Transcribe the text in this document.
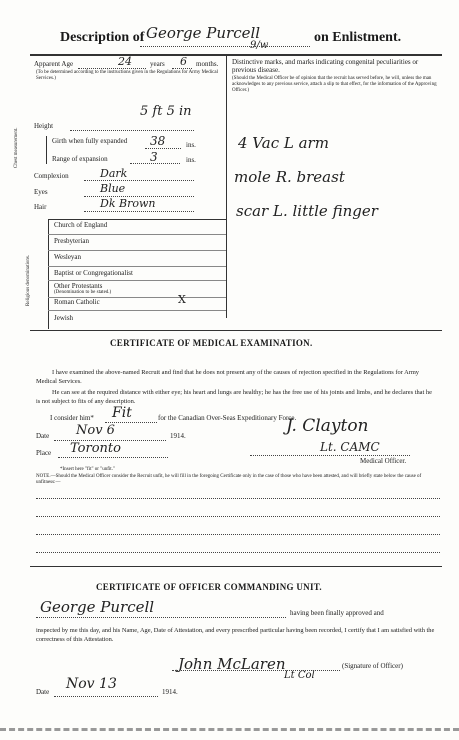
Description of George Purcell
9/w
on Enlistment.
Apparent Age	24	years 6 months.
(To be determined according to the instructions given in the Regulations for Army Medical Services.)
Height
5 ft 5 in
Chest measurement.	Girth when fully expanded 38	ins.
Range of expansion	3	ins.
Complexion	Dark
Eyes	Blue
Hair	Dk Brown
Religious denominations.
Church of England
Presbyterian
Wesleyan
Baptist or Congregationalist
Other Protestants
(Denomination to be stated.)
Roman Catholic	X
Jewish
Distinctive marks, and marks indicating congenital peculiarities or previous disease.
(Should the Medical Officer be of opinion that the recruit has served before, he will, unless the man acknowledges to any previous service, attach a slip to that effect, for the information of the Approving Officer.)
4 Vac L arm
mole R. breast
scar L. little finger
CERTIFICATE OF MEDICAL EXAMINATION.
I have examined the above-named Recruit and find that he does not present any of the causes of rejection specified in the Regulations for Army Medical Services.
He can see at the required distance with either eye; his heart and lungs are healthy; he has the free use of his joints and limbs, and he declares that he is not subject to fits of any description.
I consider him* Fit	for the Canadian Over-Seas Expeditionary Force.
Date Nov 6	1914.	J. Clayton
Lt. CAMC
Medical Officer.
Place Toronto
*Insert here "fit" or "unfit."
NOTE.—Should the Medical Officer consider the Recruit unfit, he will fill in the foregoing Certificate only in the case of those who have been attested, and will briefly state below the cause of unfitness:—
CERTIFICATE OF OFFICER COMMANDING UNIT.
George Purcell	having been finally approved and
inspected by me this day, and his Name, Age, Date of Attestation, and every prescribed particular having been recorded, I certify that I am satisfied with the correctness of this Attestation.
John McLaren
Lt Col
(Signature of Officer)
Date Nov 13	1914.
